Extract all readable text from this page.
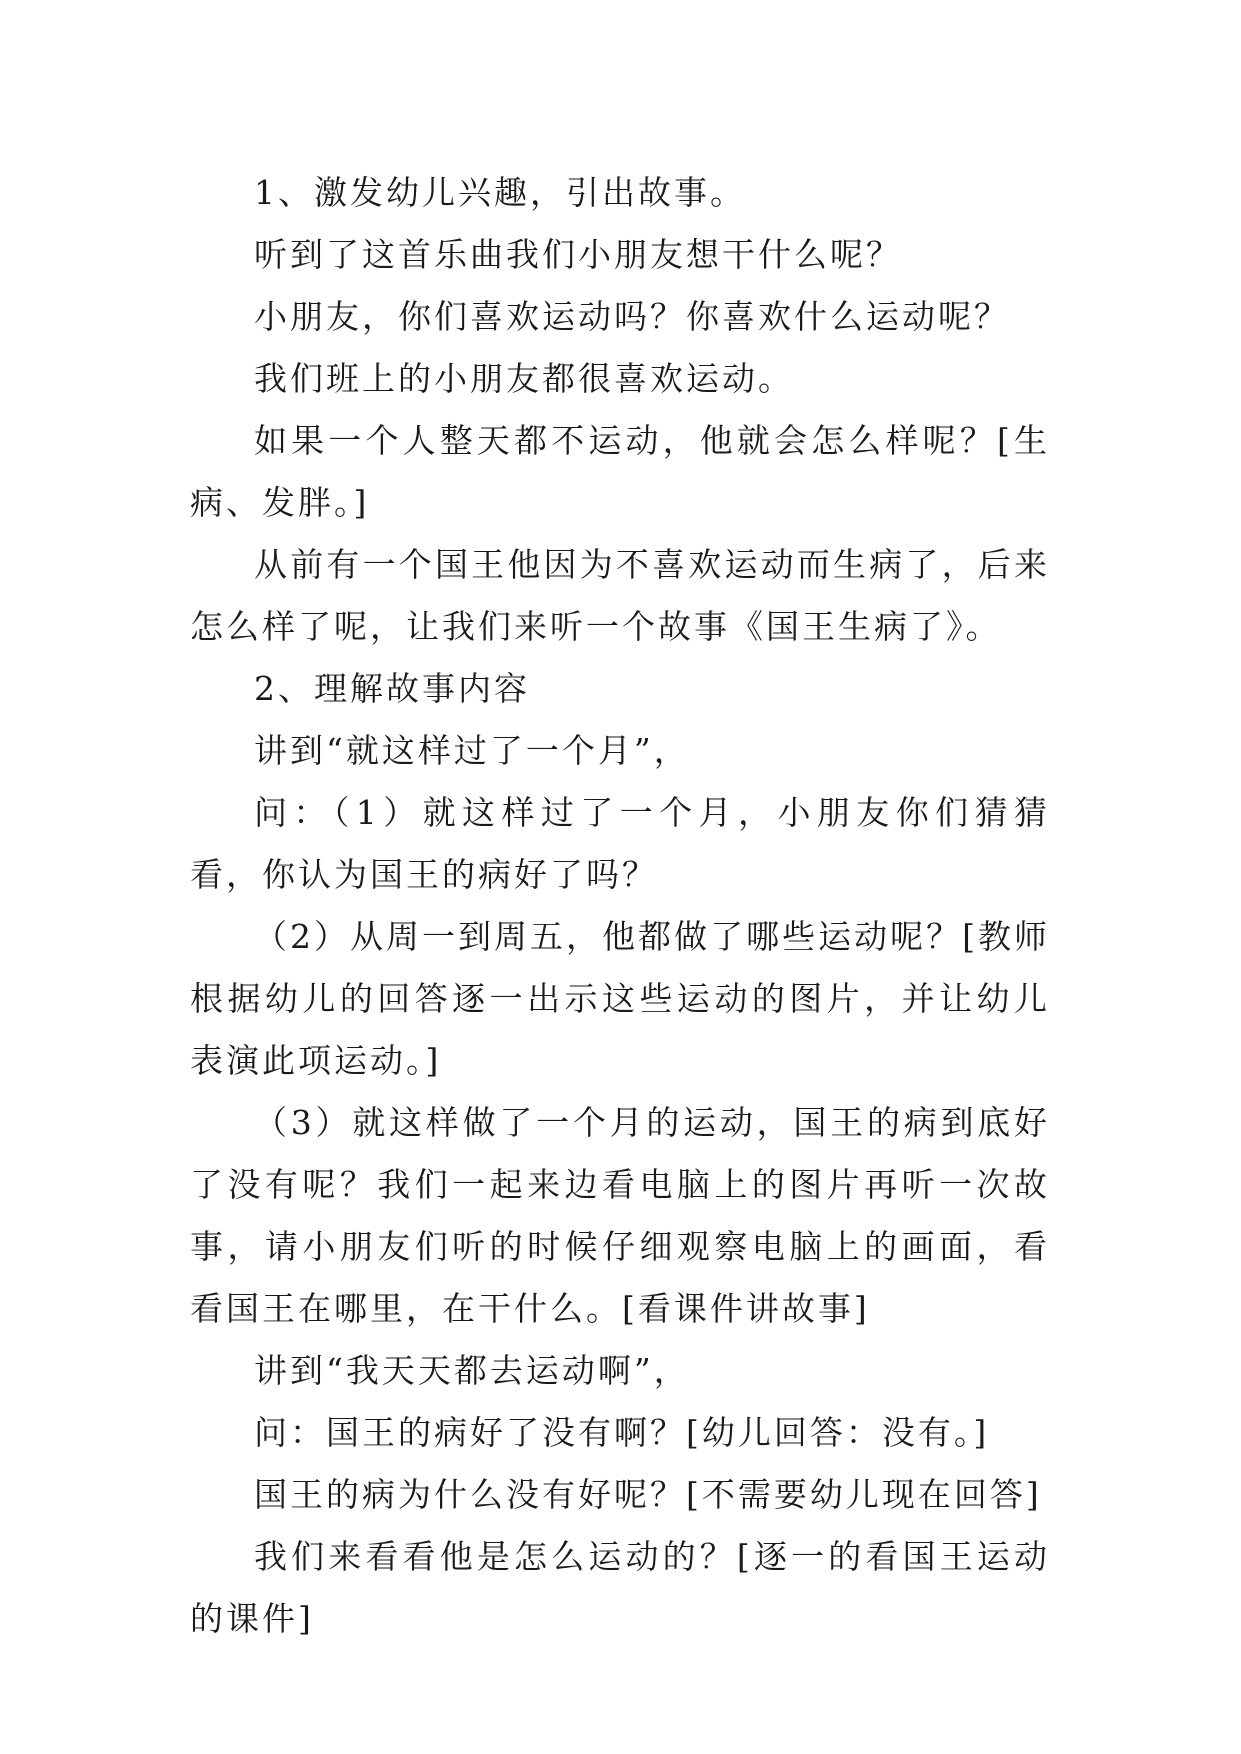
1、激发幼儿兴趣，引出故事。

听到了这首乐曲我们小朋友想干什么呢？

小朋友，你们喜欢运动吗？你喜欢什么运动呢？

我们班上的小朋友都很喜欢运动。

如果一个人整天都不运动，他就会怎么样呢？[生病、发胖。]

从前有一个国王他因为不喜欢运动而生病了，后来怎么样了呢，让我们来听一个故事《国王生病了》。

2、理解故事内容

讲到“就这样过了一个月”，

问：（1）就这样过了一个月，小朋友你们猜猜看，你认为国王的病好了吗？

（2）从周一到周五，他都做了哪些运动呢？[教师根据幼儿的回答逐一出示这些运动的图片，并让幼儿表演此项运动。]

（3）就这样做了一个月的运动，国王的病到底好了没有呢？我们一起来边看电脑上的图片再听一次故事，请小朋友们听的时候仔细观察电脑上的画面，看看国王在哪里，在干什么。[看课件讲故事]

讲到“我天天都去运动啊”，

问：国王的病好了没有啊？[幼儿回答：没有。]

国王的病为什么没有好呢？[不需要幼儿现在回答]

我们来看看他是怎么运动的？[逐一的看国王运动的课件]
